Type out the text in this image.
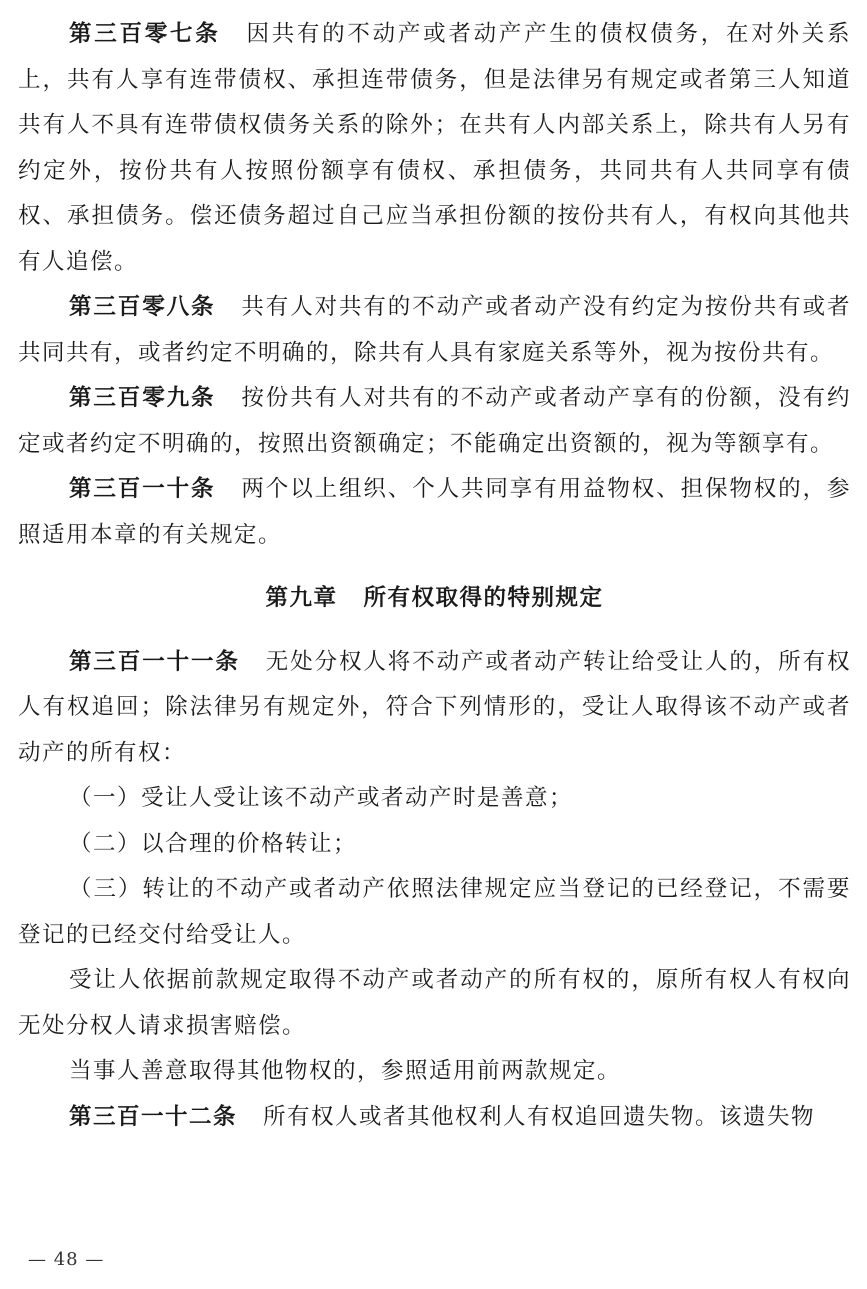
第三百零七条 因共有的不动产或者动产产生的债权债务，在对外关系上，共有人享有连带债权、承担连带债务，但是法律另有规定或者第三人知道共有人不具有连带债权债务关系的除外；在共有人内部关系上，除共有人另有约定外，按份共有人按照份额享有债权、承担债务，共同共有人共同享有债权、承担债务。偿还债务超过自己应当承担份额的按份共有人，有权向其他共有人追偿。

第三百零八条 共有人对共有的不动产或者动产没有约定为按份共有或者共同共有，或者约定不明确的，除共有人具有家庭关系等外，视为按份共有。

第三百零九条 按份共有人对共有的不动产或者动产享有的份额，没有约定或者约定不明确的，按照出资额确定；不能确定出资额的，视为等额享有。

第三百一十条 两个以上组织、个人共同享有用益物权、担保物权的，参照适用本章的有关规定。

第九章 所有权取得的特别规定

第三百一十一条 无处分权人将不动产或者动产转让给受让人的，所有权人有权追回；除法律另有规定外，符合下列情形的，受让人取得该不动产或者动产的所有权：

（一）受让人受让该不动产或者动产时是善意；

（二）以合理的价格转让；

（三）转让的不动产或者动产依照法律规定应当登记的已经登记，不需要登记的已经交付给受让人。

受让人依据前款规定取得不动产或者动产的所有权的，原所有权人有权向无处分权人请求损害赔偿。

当事人善意取得其他物权的，参照适用前两款规定。

第三百一十二条 所有权人或者其他权利人有权追回遗失物。该遗失物

— 48 —
